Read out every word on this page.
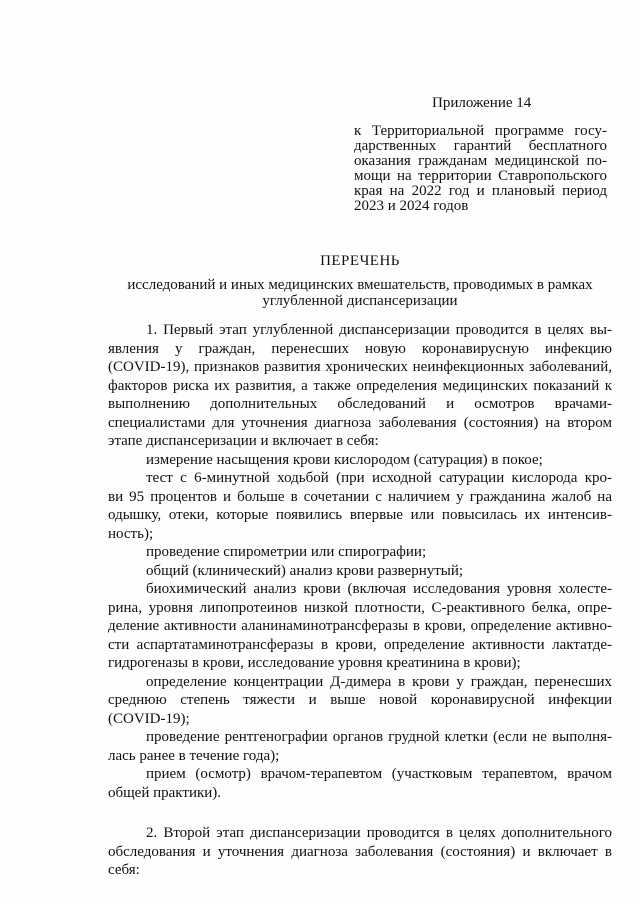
Приложение 14
к Территориальной программе госу-
дарственных гарантий бесплатного
оказания гражданам медицинской по-
мощи на территории Ставропольского
края на 2022 год и плановый период
2023 и 2024 годов
ПЕРЕЧЕНЬ
исследований и иных медицинских вмешательств, проводимых в рамках
углубленной диспансеризации
1. Первый этап углубленной диспансеризации проводится в целях вы-
явления у граждан, перенесших новую коронавирусную инфекцию
(COVID-19), признаков развития хронических неинфекционных заболеваний,
факторов риска их развития, а также определения медицинских показаний к
выполнению дополнительных обследований и осмотров врачами-
специалистами для уточнения диагноза заболевания (состояния) на втором
этапе диспансеризации и включает в себя:
измерение насыщения крови кислородом (сатурация) в покое;
тест с 6-минутной ходьбой (при исходной сатурации кислорода кро-
ви 95 процентов и больше в сочетании с наличием у гражданина жалоб на
одышку, отеки, которые появились впервые или повысилась их интенсив-
ность);
проведение спирометрии или спирографии;
общий (клинический) анализ крови развернутый;
биохимический анализ крови (включая исследования уровня холесте-
рина, уровня липопротеинов низкой плотности, С-реактивного белка, опре-
деление активности аланинаминотрансферазы в крови, определение активно-
сти аспартатаминотрансферазы в крови, определение активности лактатде-
гидрогеназы в крови, исследование уровня креатинина в крови);
определение концентрации Д-димера в крови у граждан, перенесших
среднюю степень тяжести и выше новой коронавирусной инфекции
(COVID-19);
проведение рентгенографии органов грудной клетки (если не выполня-
лась ранее в течение года);
прием (осмотр) врачом-терапевтом (участковым терапевтом, врачом
общей практики).
2. Второй этап диспансеризации проводится в целях дополнительного
обследования и уточнения диагноза заболевания (состояния) и включает в
себя:
